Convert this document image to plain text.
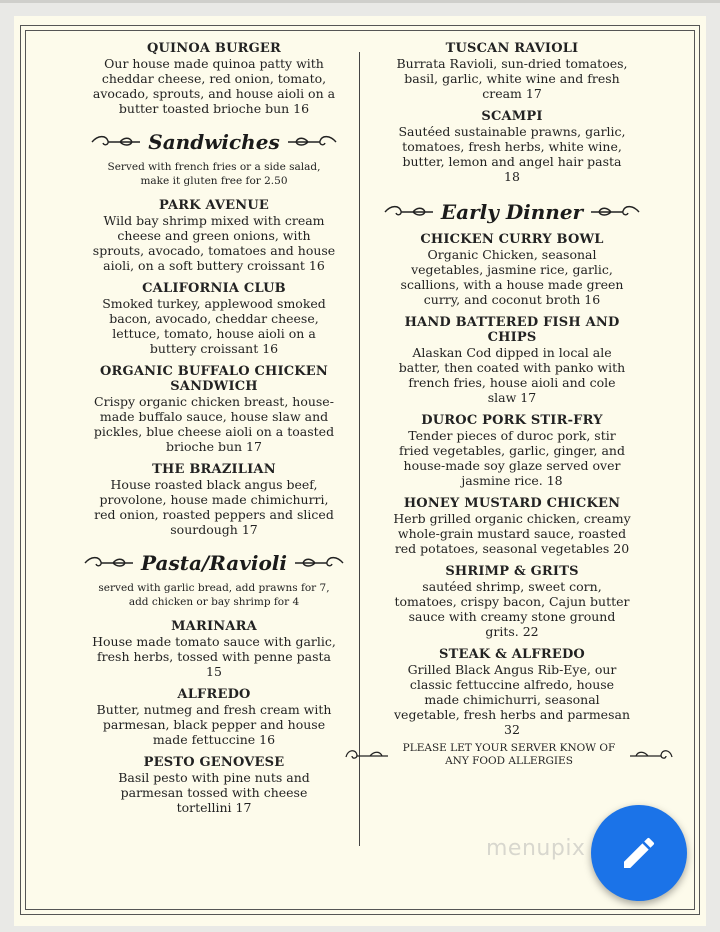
QUINOA BURGER
Our house made quinoa patty with cheddar cheese, red onion, tomato, avocado, sprouts, and house aioli on a butter toasted brioche bun 16
Sandwiches
Served with french fries or a side salad, make it gluten free for 2.50
PARK AVENUE
Wild bay shrimp mixed with cream cheese and green onions, with sprouts, avocado, tomatoes and house aioli, on a soft buttery croissant 16
CALIFORNIA CLUB
Smoked turkey, applewood smoked bacon, avocado, cheddar cheese, lettuce, tomato, house aioli on a buttery croissant 16
ORGANIC BUFFALO CHICKEN SANDWICH
Crispy organic chicken breast, house-made buffalo sauce, house slaw and pickles, blue cheese aioli on a toasted brioche bun 17
THE BRAZILIAN
House roasted black angus beef, provolone, house made chimichurri, red onion, roasted peppers and sliced sourdough 17
Pasta/Ravioli
served with garlic bread, add prawns for 7, add chicken or bay shrimp for 4
MARINARA
House made tomato sauce with garlic, fresh herbs, tossed with penne pasta 15
ALFREDO
Butter, nutmeg and fresh cream with parmesan, black pepper and house made fettuccine 16
PESTO GENOVESE
Basil pesto with pine nuts and parmesan tossed with cheese tortellini 17
TUSCAN RAVIOLI
Burrata Ravioli, sun-dried tomatoes, basil, garlic, white wine and fresh cream 17
SCAMPI
Sautéed sustainable prawns, garlic, tomatoes, fresh herbs, white wine, butter, lemon and angel hair pasta 18
Early Dinner
CHICKEN CURRY BOWL
Organic Chicken, seasonal vegetables, jasmine rice, garlic, scallions, with a house made green curry, and coconut broth 16
HAND BATTERED FISH AND CHIPS
Alaskan Cod dipped in local ale batter, then coated with panko with french fries, house aioli and cole slaw 17
DUROC PORK STIR-FRY
Tender pieces of duroc pork, stir fried vegetables, garlic, ginger, and house-made soy glaze served over jasmine rice. 18
HONEY MUSTARD CHICKEN
Herb grilled organic chicken, creamy whole-grain mustard sauce, roasted red potatoes, seasonal vegetables 20
SHRIMP & GRITS
sautéed shrimp, sweet corn, tomatoes, crispy bacon, Cajun butter sauce with creamy stone ground grits. 22
STEAK & ALFREDO
Grilled Black Angus Rib-Eye, our classic fettuccine alfredo, house made chimichurri, seasonal vegetable, fresh herbs and parmesan 32
PLEASE LET YOUR SERVER KNOW OF ANY FOOD ALLERGIES
menupix
